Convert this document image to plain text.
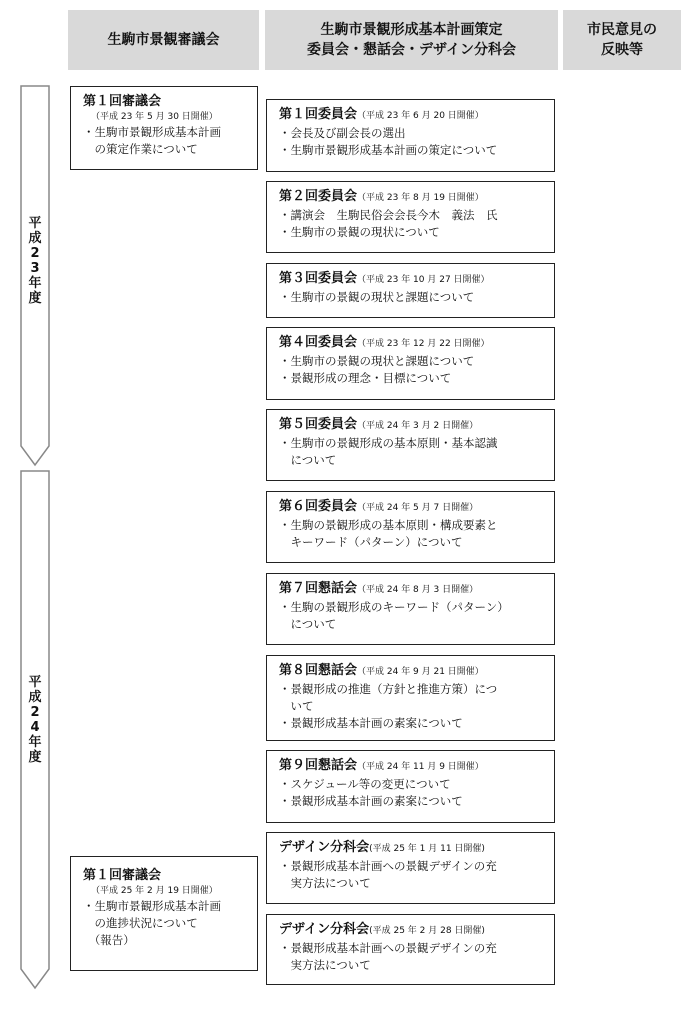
生駒市景観審議会
生駒市景観形成基本計画策定
委員会・懇話会・デザイン分科会
市民意見の
反映等
平
成
2
3
年
度
平
成
2
4
年
度
第１回審議会
（平成 23 年 5 月 30 日開催）
・生駒市景観形成基本計画
　の策定作業について
第１回審議会
（平成 25 年 2 月 19 日開催）
・生駒市景観形成基本計画
　の進捗状況について
　（報告）
第１回委員会（平成 23 年 6 月 20 日開催）
・会長及び副会長の選出
・生駒市景観形成基本計画の策定について
第２回委員会（平成 23 年 8 月 19 日開催）
・講演会　生駒民俗会会長今木　義法　氏
・生駒市の景観の現状について
第３回委員会（平成 23 年 10 月 27 日開催）
・生駒市の景観の現状と課題について
第４回委員会（平成 23 年 12 月 22 日開催）
・生駒市の景観の現状と課題について
・景観形成の理念・目標について
第５回委員会（平成 24 年 3 月 2 日開催）
・生駒市の景観形成の基本原則・基本認識
　について
第６回委員会（平成 24 年 5 月 7 日開催）
・生駒の景観形成の基本原則・構成要素と
　キーワード（パターン）について
第７回懇話会（平成 24 年 8 月 3 日開催）
・生駒の景観形成のキーワード（パターン）
　について
第８回懇話会（平成 24 年 9 月 21 日開催）
・景観形成の推進（方針と推進方策）につ
　いて
・景観形成基本計画の素案について
第９回懇話会（平成 24 年 11 月 9 日開催）
・スケジュール等の変更について
・景観形成基本計画の素案について
デザイン分科会(平成 25 年 1 月 11 日開催)
・景観形成基本計画への景観デザインの充
　実方法について
デザイン分科会(平成 25 年 2 月 28 日開催)
・景観形成基本計画への景観デザインの充
　実方法について
